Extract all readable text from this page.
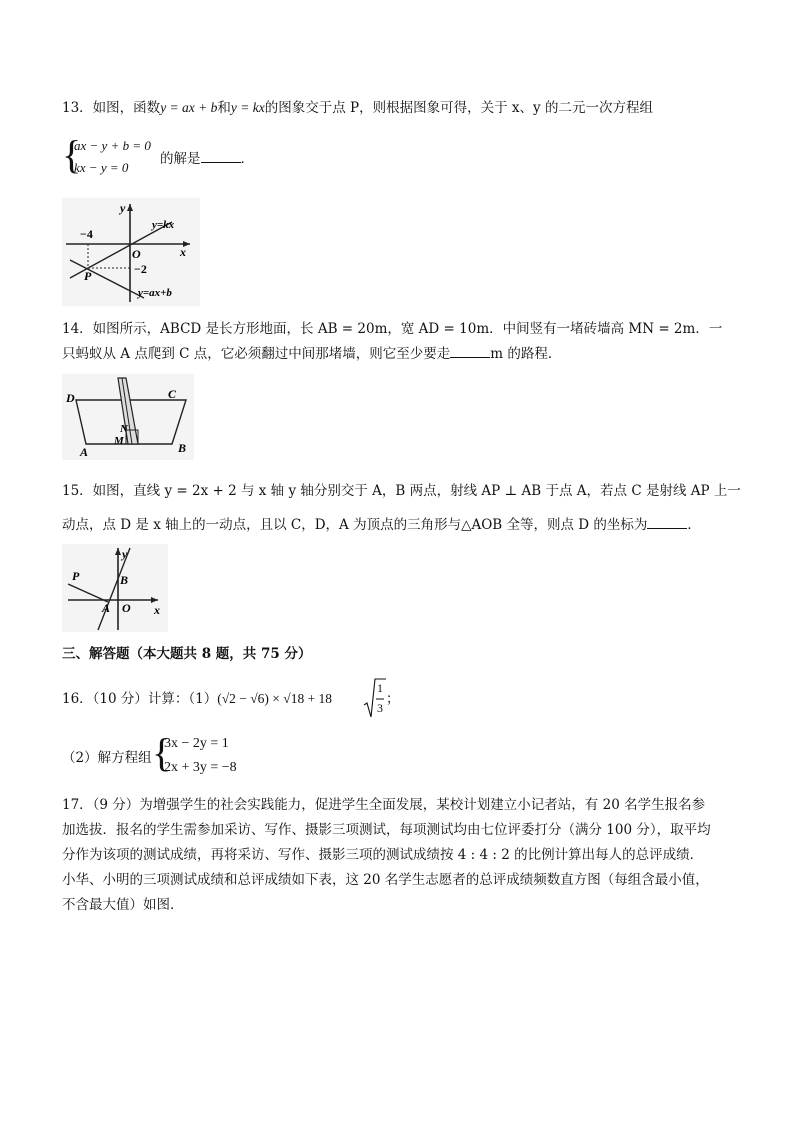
13．如图，函数y = ax + b和y = kx的图象交于点 P，则根据图象可得，关于 x、y 的二元一次方程组
{
ax − y + b = 0
kx − y = 0
的解是	．
y
x
O
P
−4
−2
y=kx
y=ax+b
14．如图所示，ABCD 是长方形地面，长 AB = 20m，宽 AD = 10m．中间竖有一堵砖墙高 MN = 2m．一
只蚂蚁从 A 点爬到 C 点，它必须翻过中间那堵墙，则它至少要走	m 的路程．
D	C
A	B
N
M
15．如图，直线 y = 2x + 2 与 x 轴 y 轴分别交于 A，B 两点，射线 AP ⊥ AB 于点 A，若点 C 是射线 AP 上一
动点，点 D 是 x 轴上的一动点，且以 C，D，A 为顶点的三角形与△AOB 全等，则点 D 的坐标为	．
y
x
P	B
A O
三、解答题（本大题共 8 题，共 75 分）
16．（10 分）计算：（1）(√2 − √6) × √18 + 18
1
3
；
（2）解方程组 {
3x − 2y = 1
2x + 3y = −8
17．（9 分）为增强学生的社会实践能力，促进学生全面发展，某校计划建立小记者站，有 20 名学生报名参
加选拔．报名的学生需参加采访、写作、摄影三项测试，每项测试均由七位评委打分（满分 100 分），取平均
分作为该项的测试成绩，再将采访、写作、摄影三项的测试成绩按 4 : 4 : 2 的比例计算出每人的总评成绩．
小华、小明的三项测试成绩和总评成绩如下表，这 20 名学生志愿者的总评成绩频数直方图（每组含最小值，
不含最大值）如图．
